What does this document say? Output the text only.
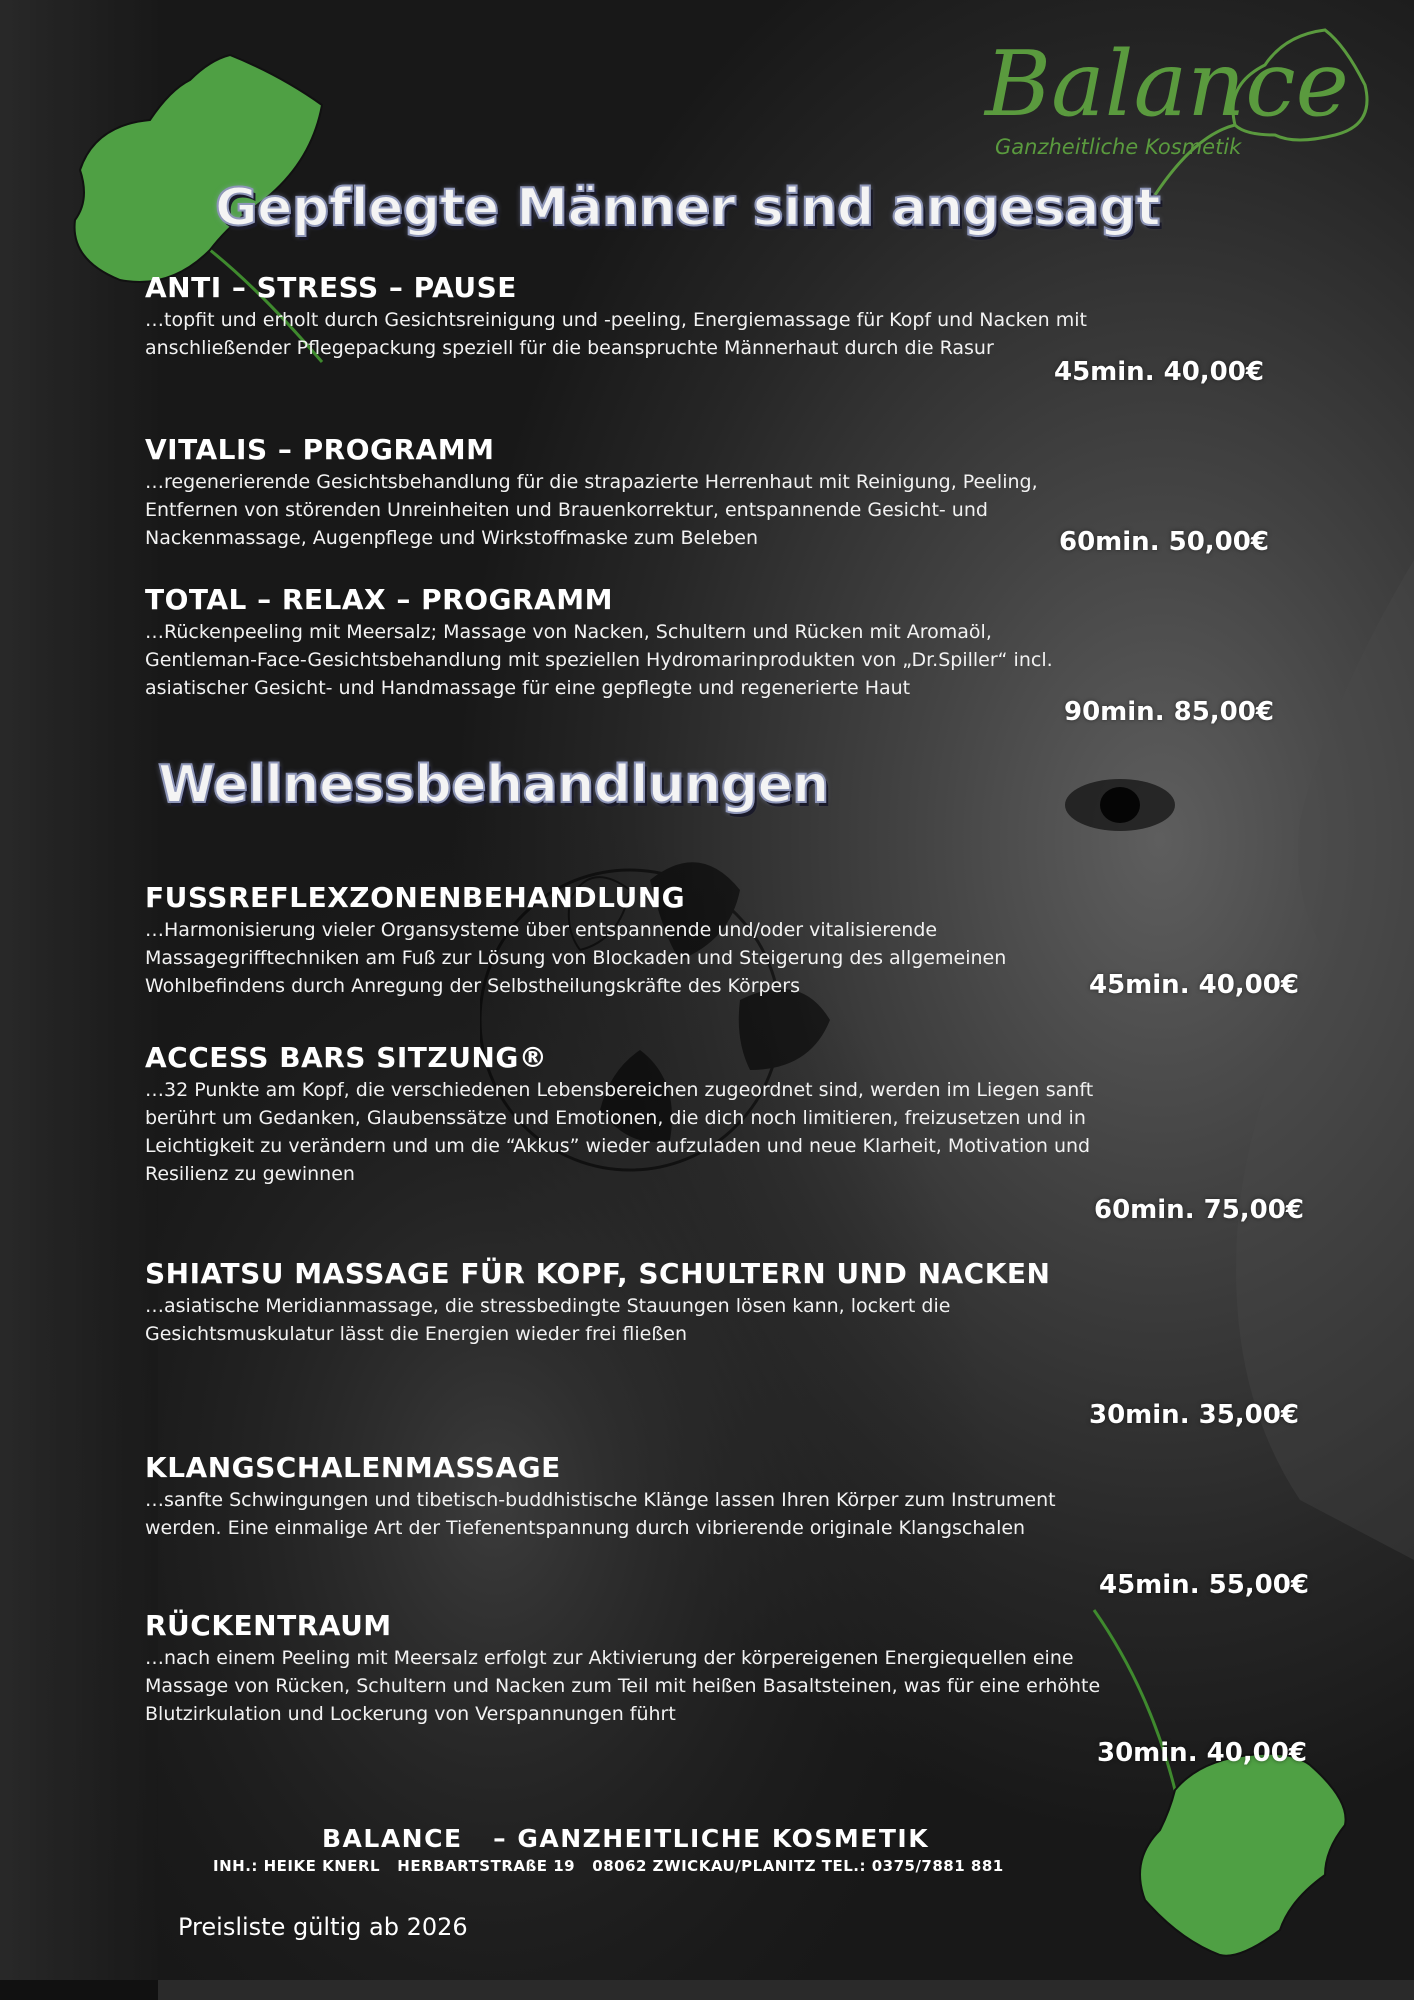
Balance
Ganzheitliche Kosmetik
Gepflegte Männer sind angesagt
Wellnessbehandlungen
ANTI – STRESS – PAUSE
…topfit und erholt durch Gesichtsreinigung und -peeling, Energiemassage für Kopf und Nacken mit anschließender Pflegepackung speziell für die beanspruchte Männerhaut durch die Rasur
45min. 40,00€
VITALIS – PROGRAMM
…regenerierende Gesichtsbehandlung für die strapazierte Herrenhaut mit Reinigung, Peeling, Entfernen von störenden Unreinheiten und Brauenkorrektur, entspannende Gesicht- und Nackenmassage, Augenpflege und Wirkstoffmaske zum Beleben	60min. 50,00€
TOTAL – RELAX – PROGRAMM
…Rückenpeeling mit Meersalz; Massage von Nacken, Schultern und Rücken mit Aromaöl, Gentleman-Face-Gesichtsbehandlung mit speziellen Hydromarinprodukten von „Dr.Spiller“ incl. asiatischer Gesicht- und Handmassage für eine gepflegte und regenerierte Haut
90min. 85,00€
FUSSREFLEXZONENBEHANDLUNG
…Harmonisierung vieler Organsysteme über entspannende und/oder vitalisierende Massagegrifftechniken am Fuß zur Lösung von Blockaden und Steigerung des allgemeinen Wohlbefindens durch Anregung der Selbstheilungskräfte des Körpers	45min. 40,00€
ACCESS BARS SITZUNG®
…32 Punkte am Kopf, die verschiedenen Lebensbereichen zugeordnet sind, werden im Liegen sanft berührt um Gedanken, Glaubenssätze und Emotionen, die dich noch limitieren, freizusetzen und in Leichtigkeit zu verändern und um die “Akkus” wieder aufzuladen und neue Klarheit, Motivation und Resilienz zu gewinnen
60min. 75,00€
SHIATSU MASSAGE FÜR KOPF, SCHULTERN UND NACKEN
…asiatische Meridianmassage, die stressbedingte Stauungen lösen kann, lockert die Gesichtsmuskulatur lässt die Energien wieder frei fließen
30min. 35,00€
KLANGSCHALENMASSAGE
…sanfte Schwingungen und tibetisch-buddhistische Klänge lassen Ihren Körper zum Instrument werden. Eine einmalige Art der Tiefenentspannung durch vibrierende originale Klangschalen
45min. 55,00€
RÜCKENTRAUM
…nach einem Peeling mit Meersalz erfolgt zur Aktivierung der körpereigenen Energiequellen eine Massage von Rücken, Schultern und Nacken zum Teil mit heißen Basaltsteinen, was für eine erhöhte Blutzirkulation und Lockerung von Verspannungen führt
30min. 40,00€
BALANCE   – GANZHEITLICHE KOSMETIK
INH.: HEIKE KNERL   HERBARTSTRAßE 19   08062 ZWICKAU/PLANITZ TEL.: 0375/7881 881
Preisliste gültig ab 2026
